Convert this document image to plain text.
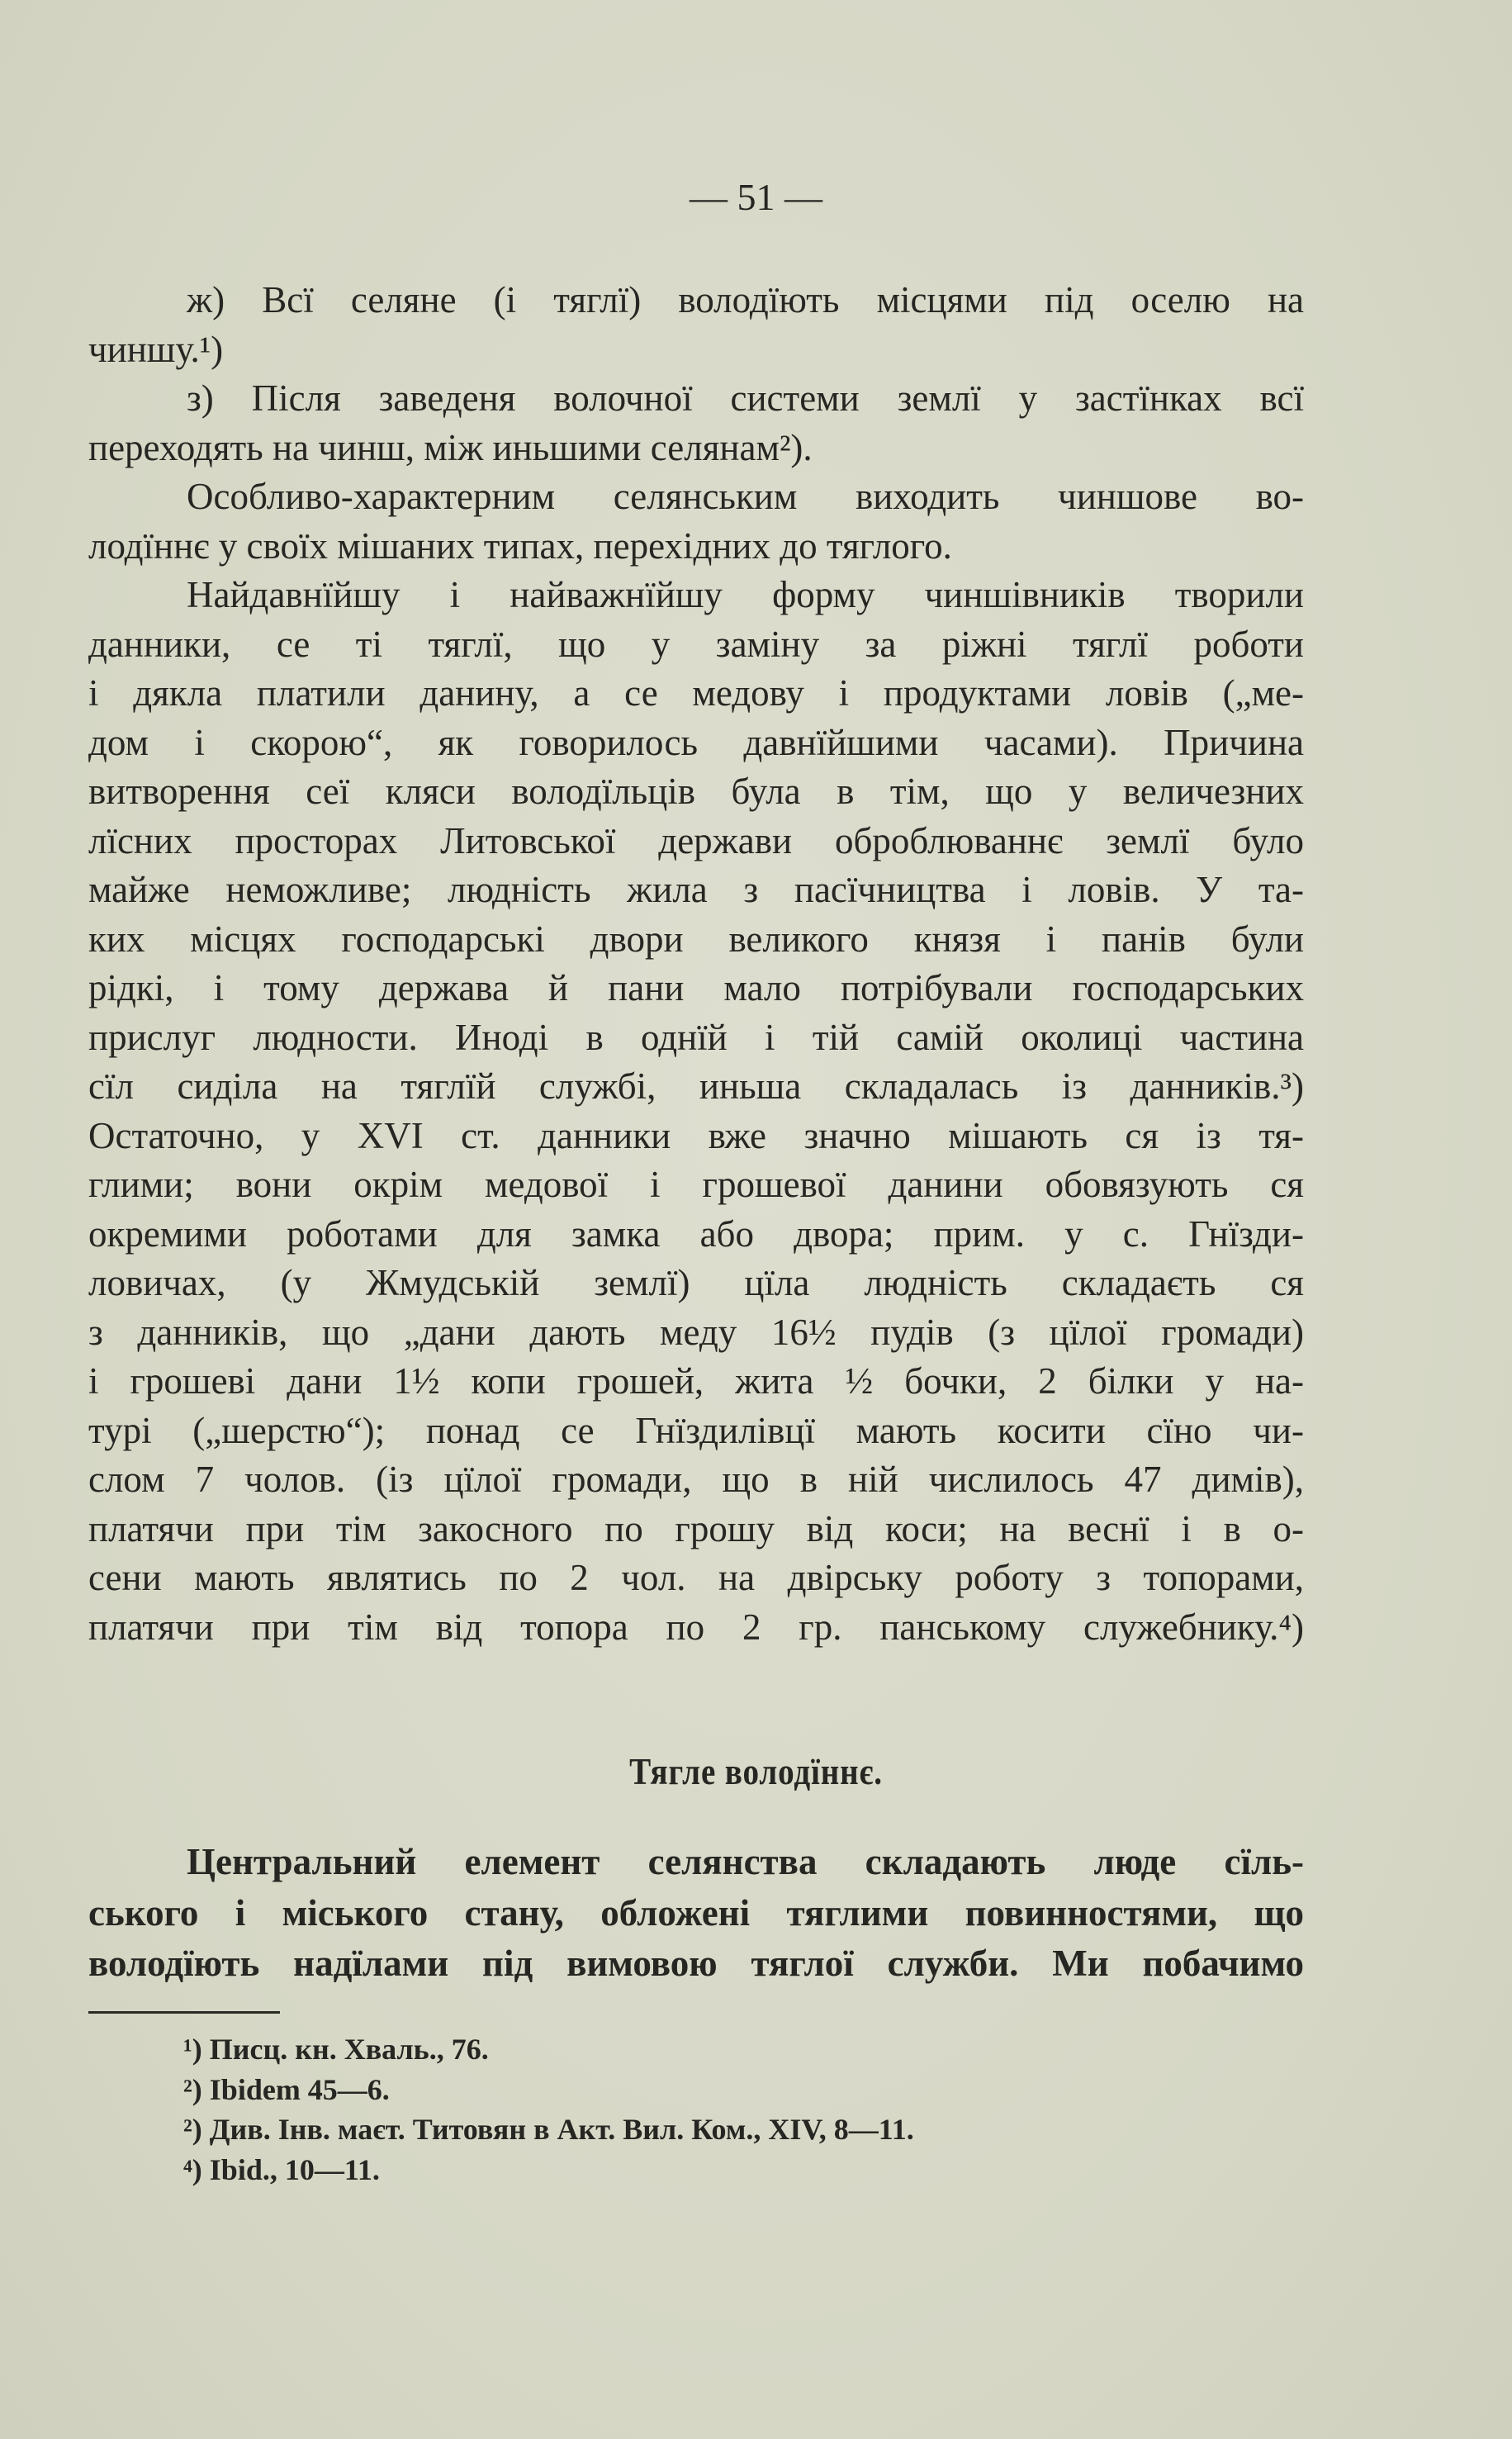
— 51 —
ж) Всї селяне (і тяглї) володїють місцями під оселю на
чиншу.¹)
з) Після заведеня волочної системи землї у застїнках всї
переходять на чинш, між иньшими селянам²).
Особливо-характерним селянським виходить чиншове во-
лодїннє у своїх мішаних типах, перехідних до тяглого.
Найдавнїйшу і найважнїйшу форму чиншівників творили
данники, се ті тяглї, що у заміну за ріжні тяглї роботи
і дякла платили данину, а се медову і продуктами ловів („ме-
дом і скорою“, як говорилось давнїйшими часами). Причина
витворення сеї кляси володїльців була в тім, що у величезних
лїсних просторах Литовської держави оброблюваннє землї було
майже неможливе; людність жила з пасїчництва і ловів. У та-
ких місцях господарські двори великого князя і панів були
рідкі, і тому держава й пани мало потрібували господарських
прислуг людности. Иноді в однїй і тій самій околиці частина
сїл сиділа на тяглїй службі, иньша складалась із данників.³)
Остаточно, у XVI ст. данники вже значно мішають ся із тя-
глими; вони окрім медової і грошевої данини обовязують ся
окремими роботами для замка або двора; прим. у с. Гнїзди-
ловичах, (у Жмудській землї) цїла людність складаєть ся
з данників, що „дани дають меду 16½ пудів (з цїлої громади)
і грошеві дани 1½ копи грошей, жита ½ бочки, 2 білки у на-
турі („шерстю“); понад се Гнїздилівцї мають косити сїно чи-
слом 7 чолов. (із цїлої громади, що в ній числилось 47 димів),
платячи при тім закосного по грошу від коси; на веснї і в о-
сени мають являтись по 2 чол. на двірську роботу з топорами,
платячи при тім від топора по 2 гр. панському служебнику.⁴)
Тягле володїннє.
Центральний елемент селянства складають люде сїль-
ського і міського стану, обложені тяглими повинностями, що
володїють надїлами під вимовою тяглої служби. Ми побачимо
¹) Писц. кн. Хваль., 76.
²) Ibidem 45—6.
²) Див. Інв. маєт. Титовян в Акт. Вил. Ком., XIV, 8—11.
⁴) Ibid., 10—11.
